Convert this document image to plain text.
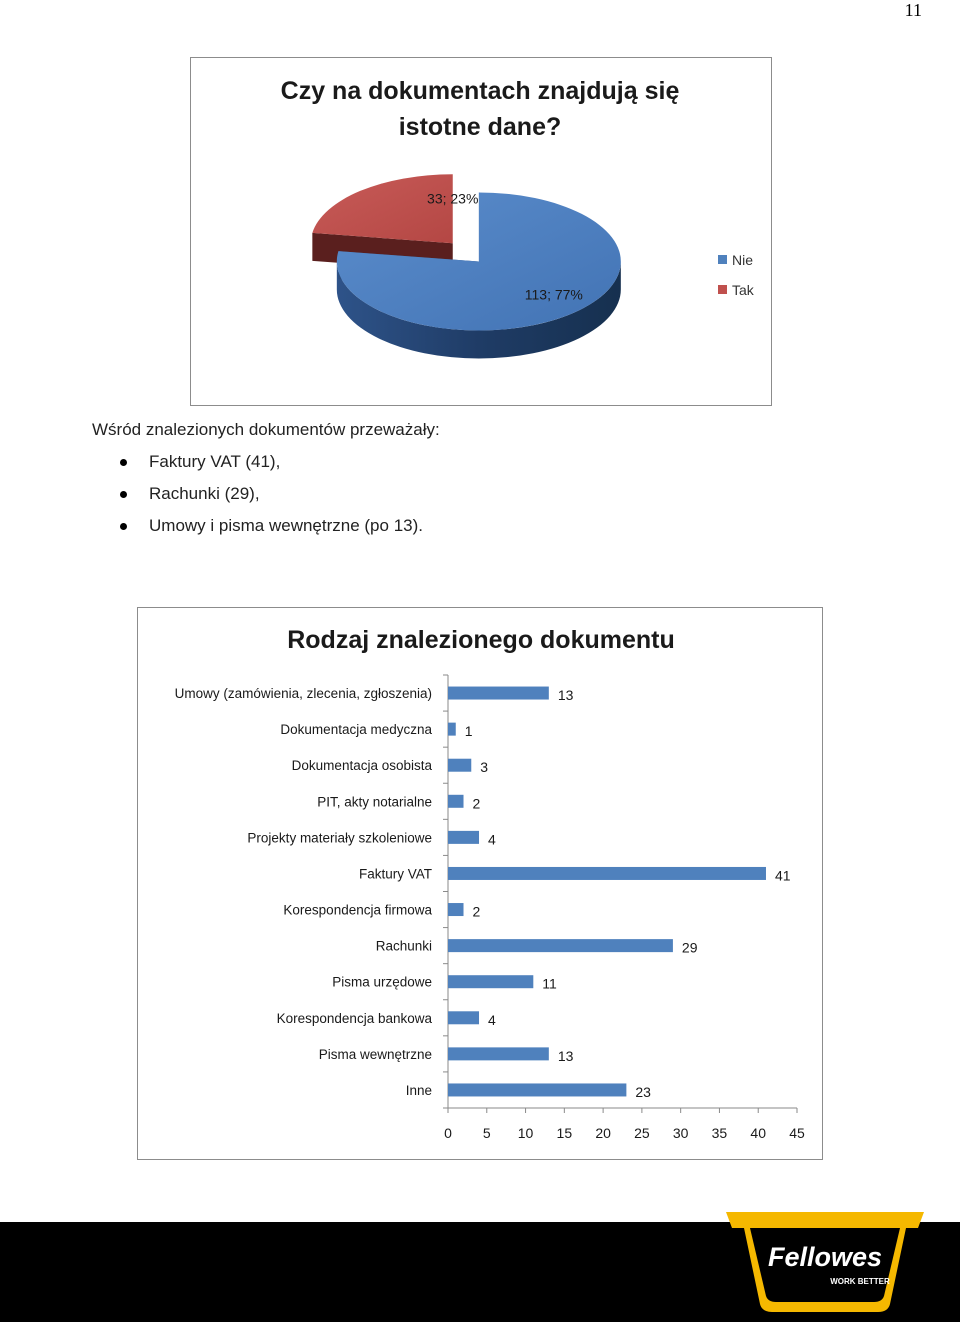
11
Czy na dokumentach znajdują się
istotne dane?
113; 77%
33; 23%
Nie
Tak
Wśród znalezionych dokumentów przeważały:
Faktury VAT (41),
Rachunki (29),
Umowy i pisma wewnętrzne (po 13).
Rodzaj znalezionego dokumentu
0 5 10 15 20 25 30 35 40 45
Umowy (zamówienia, zlecenia, zgłoszenia)	13
Dokumentacja medyczna 1
Dokumentacja osobista	3
PIT, akty notarialne	2
Projekty materiały szkoleniowe	4
Faktury VAT	41
Korespondencja firmowa	2
Rachunki	29
Pisma urzędowe	11
Korespondencja bankowa	4
Pisma wewnętrzne	13
Inne	23
Fellowes
WORK BETTER
